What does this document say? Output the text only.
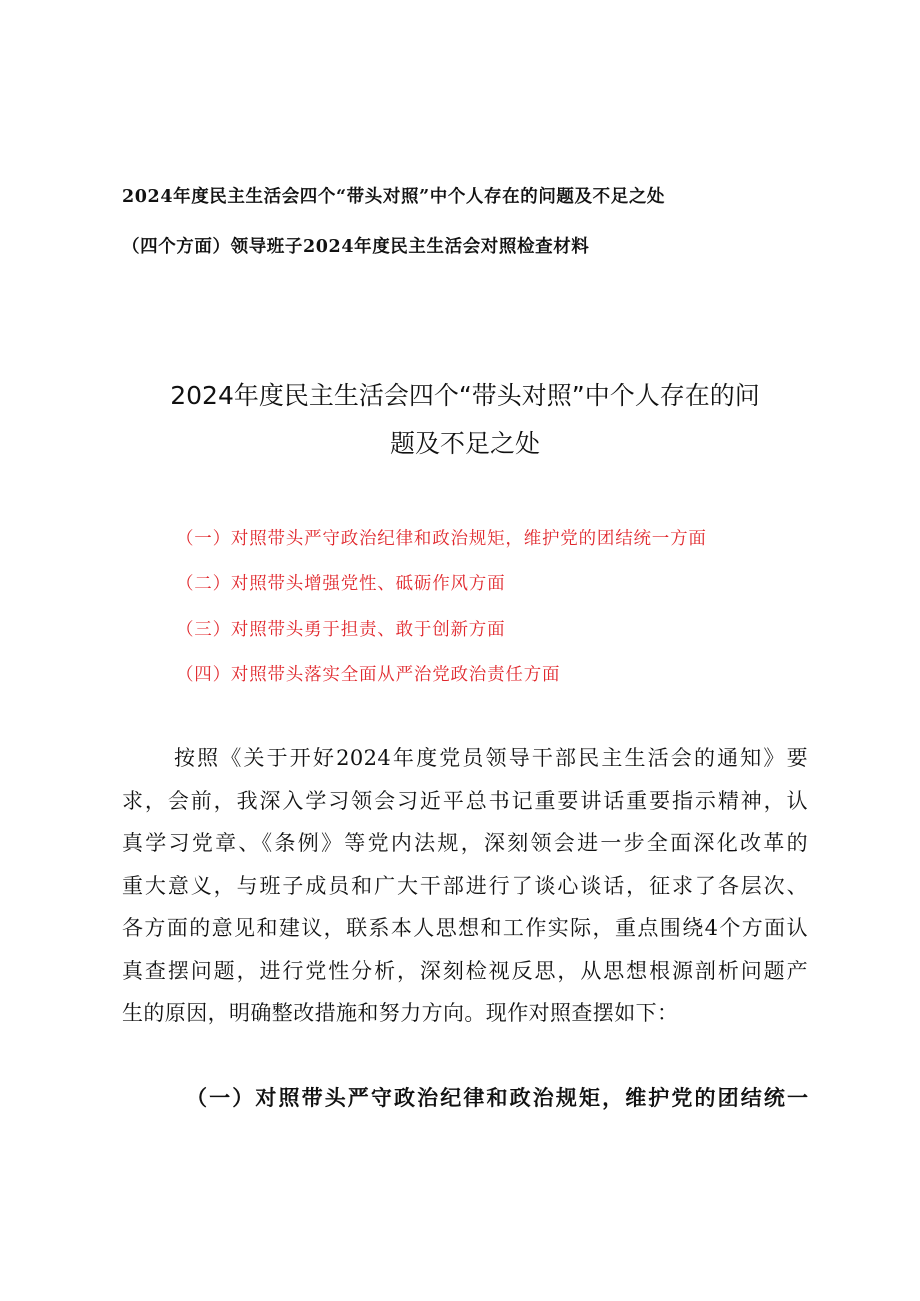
2024年度民主生活会四个“带头对照”中个人存在的问题及不足之处
（四个方面）领导班子2024年度民主生活会对照检查材料
2024年度民主生活会四个“带头对照”中个人存在的问
题及不足之处
（一）对照带头严守政治纪律和政治规矩，维护党的团结统一方面
（二）对照带头增强党性、砥砺作风方面
（三）对照带头勇于担责、敢于创新方面
（四）对照带头落实全面从严治党政治责任方面
按照《关于开好2024年度党员领导干部民主生活会的通知》要
求，会前，我深入学习领会习近平总书记重要讲话重要指示精神，认
真学习党章、《条例》等党内法规，深刻领会进一步全面深化改革的
重大意义，与班子成员和广大干部进行了谈心谈话，征求了各层次、
各方面的意见和建议，联系本人思想和工作实际，重点围绕4个方面认
真查摆问题，进行党性分析，深刻检视反思，从思想根源剖析问题产
生的原因，明确整改措施和努力方向。现作对照查摆如下：
（一）对照带头严守政治纪律和政治规矩，维护党的团结统一
